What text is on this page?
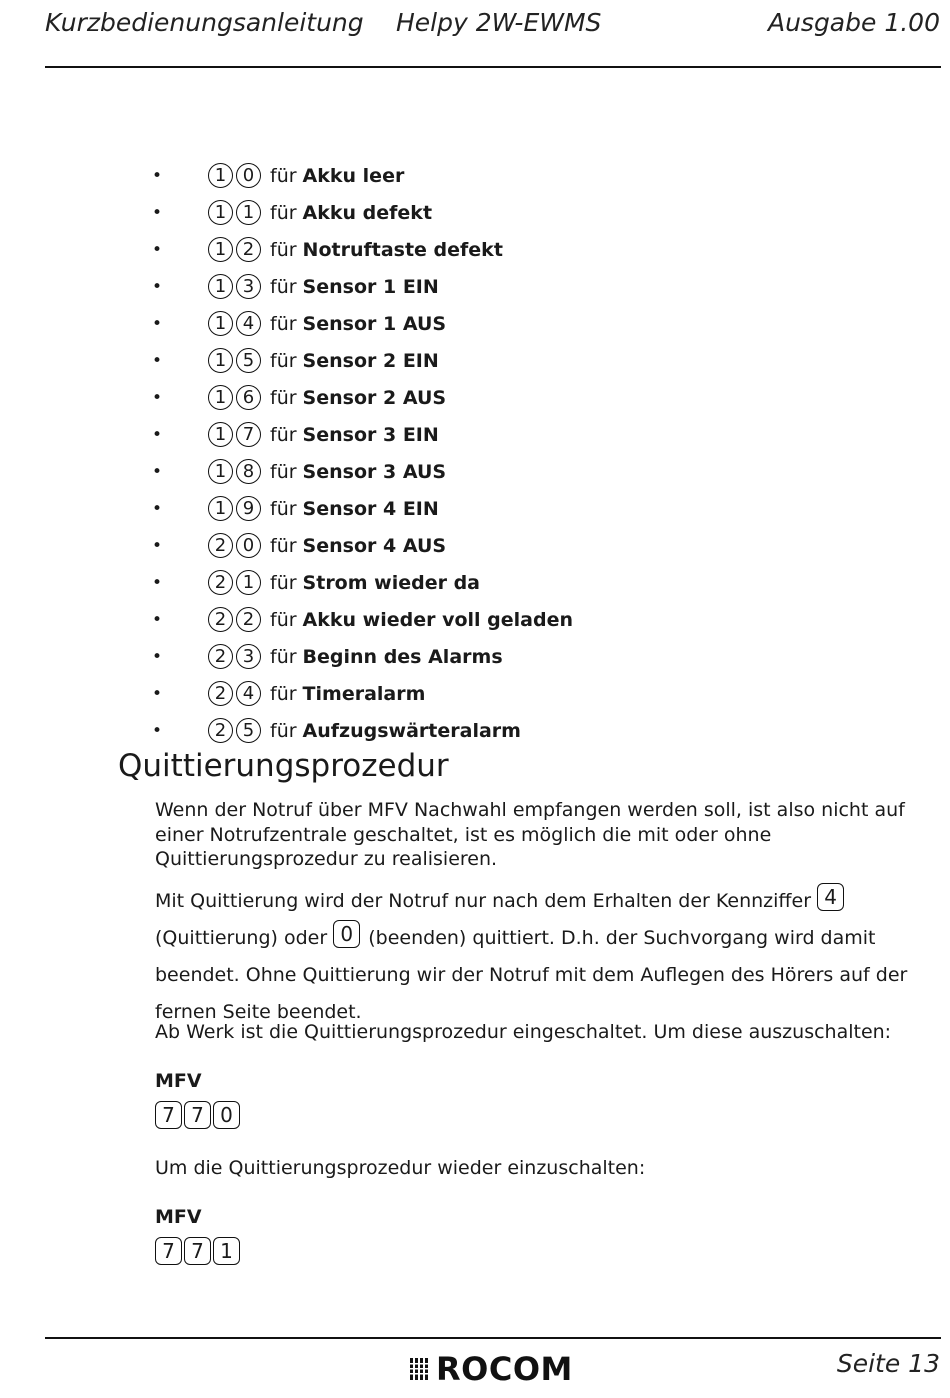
Kurzbedienungsanleitung Helpy 2W-EWMS	Ausgabe 1.00
•	1 0 für Akku leer
•	1 1 für Akku defekt
•	1 2 für Notruftaste defekt
•	1 3 für Sensor 1 EIN
•	1 4 für Sensor 1 AUS
•	1 5 für Sensor 2 EIN
•	1 6 für Sensor 2 AUS
•	1 7 für Sensor 3 EIN
•	1 8 für Sensor 3 AUS
•	1 9 für Sensor 4 EIN
•	2 0 für Sensor 4 AUS
•	2 1 für Strom wieder da
•	2 2 für Akku wieder voll geladen
•	2 3 für Beginn des Alarms
•	2 4 für Timeralarm
•	2 5 für Aufzugswärteralarm
Quittierungsprozedur

Wenn der Notruf über MFV Nachwahl empfangen werden soll, ist also nicht auf einer Notrufzentrale geschaltet, ist es möglich die mit oder ohne Quittierungsprozedur zu realisieren.

Mit Quittierung wird der Notruf nur nach dem Erhalten der Kennziffer 4 (Quittierung) oder 0 (beenden) quittiert. D.h. der Suchvorgang wird damit beendet. Ohne Quittierung wir der Notruf mit dem Auflegen des Hörers auf der fernen Seite beendet.

Ab Werk ist die Quittierungsprozedur eingeschaltet. Um diese auszuschalten:

MFV
7 7 0

Um die Quittierungsprozedur wieder einzuschalten:

MFV
7 7 1
ROCOM	Seite 13
